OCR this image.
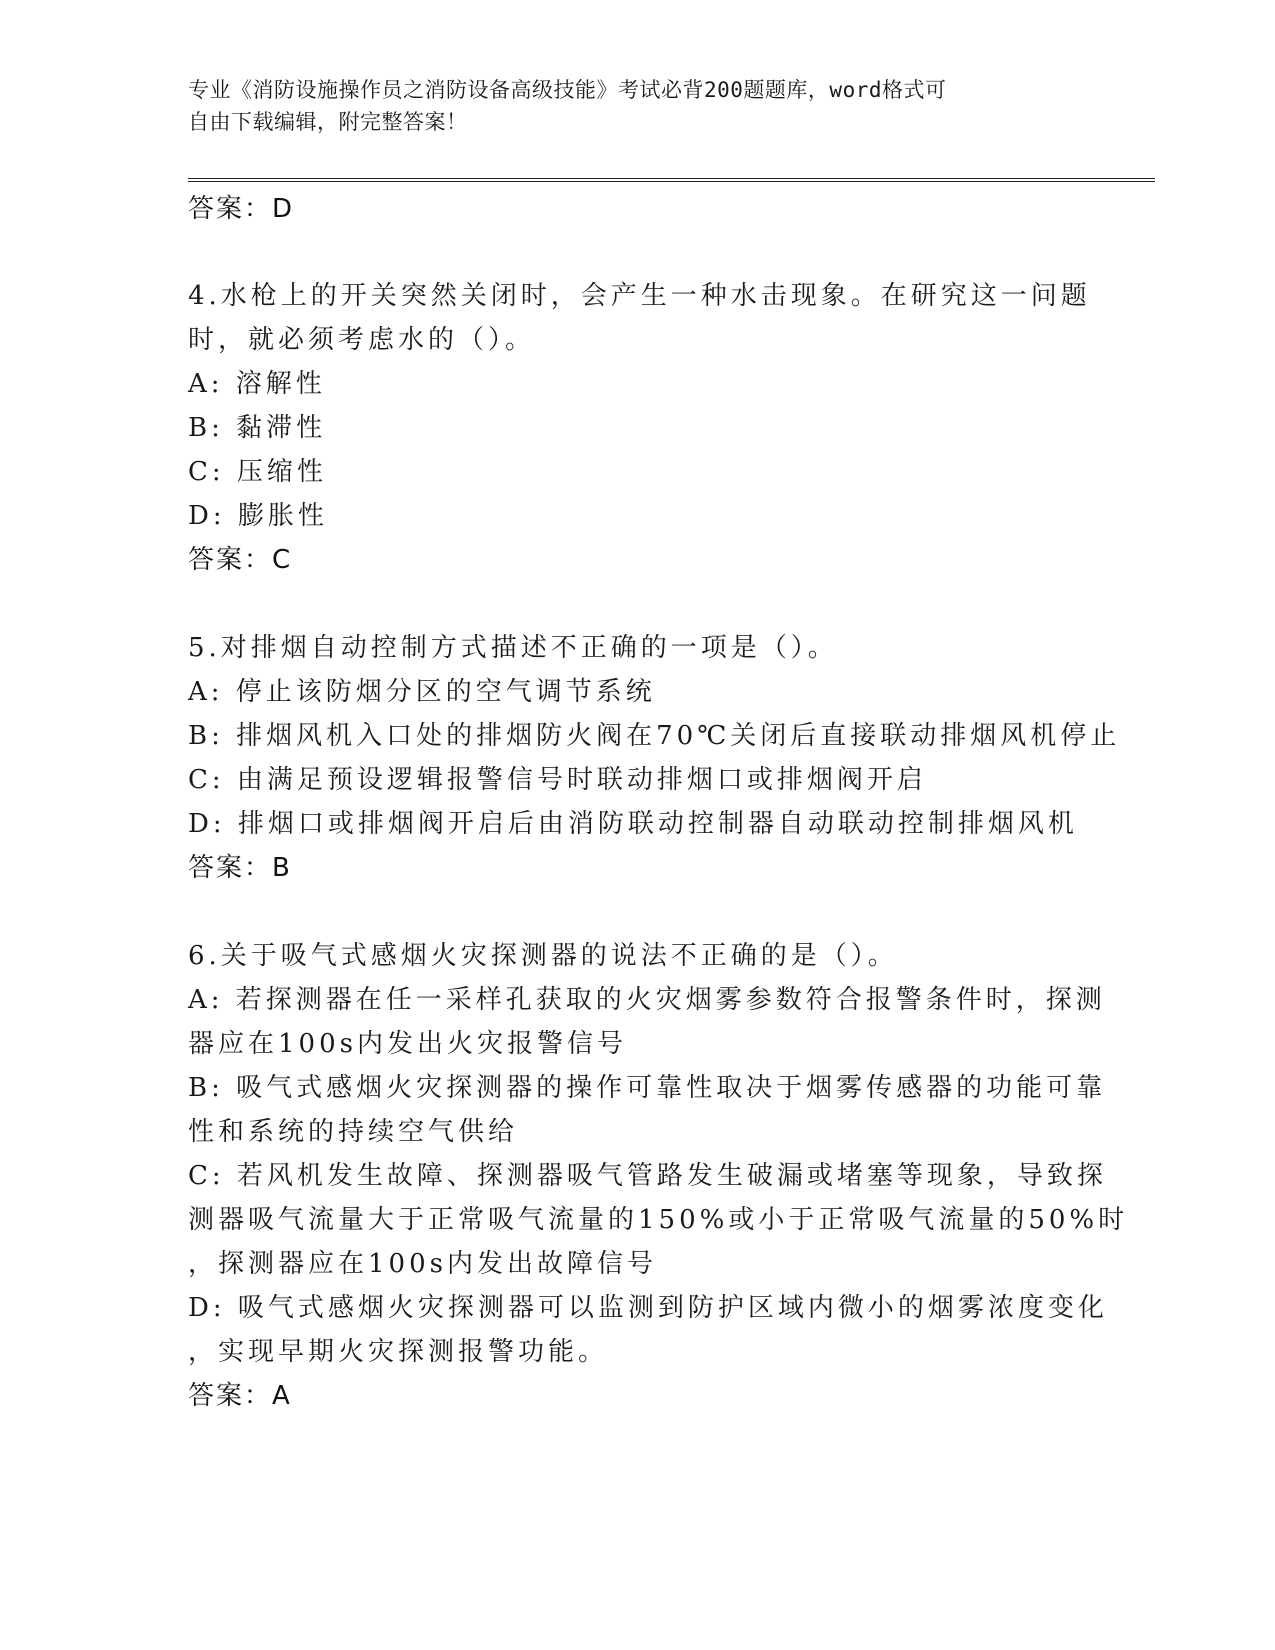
专业《消防设施操作员之消防设备高级技能》考试必背200题题库，word格式可
自由下载编辑，附完整答案！
答案：D
4.水枪上的开关突然关闭时，会产生一种水击现象。在研究这一问题
时，就必须考虑水的（）。
A: 溶解性
B: 黏滞性
C: 压缩性
D: 膨胀性
答案：C
5.对排烟自动控制方式描述不正确的一项是（）。
A: 停止该防烟分区的空气调节系统
B: 排烟风机入口处的排烟防火阀在70℃关闭后直接联动排烟风机停止
C: 由满足预设逻辑报警信号时联动排烟口或排烟阀开启
D: 排烟口或排烟阀开启后由消防联动控制器自动联动控制排烟风机
答案：B
6.关于吸气式感烟火灾探测器的说法不正确的是（）。
A: 若探测器在任一采样孔获取的火灾烟雾参数符合报警条件时，探测
器应在100s内发出火灾报警信号
B: 吸气式感烟火灾探测器的操作可靠性取决于烟雾传感器的功能可靠
性和系统的持续空气供给
C: 若风机发生故障、探测器吸气管路发生破漏或堵塞等现象，导致探
测器吸气流量大于正常吸气流量的150%或小于正常吸气流量的50%时
，探测器应在100s内发出故障信号
D: 吸气式感烟火灾探测器可以监测到防护区域内微小的烟雾浓度变化
，实现早期火灾探测报警功能。
答案：A
